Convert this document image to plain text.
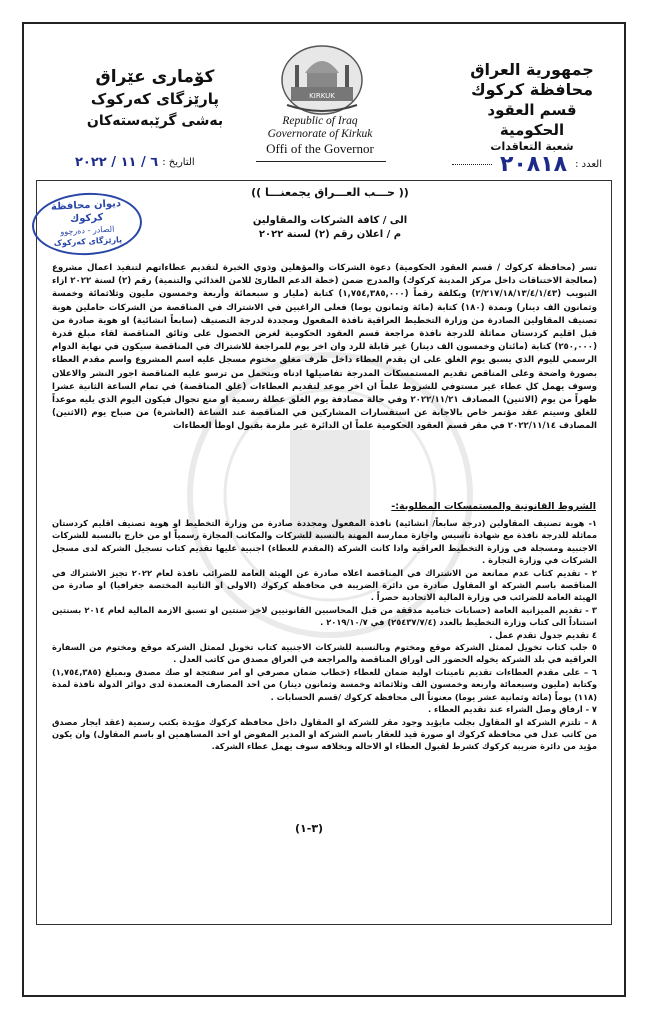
جمهورية العراق
محافظة كركوك
قسم العقود الحكومية
شعبة التعاقدات
كۆماری عێراق
پارێزگای کەرکوک
بەشی گرێبەستەکان
KIRKUK
Republic of Iraq
Governorate of Kirkuk
Offi of the Governor
العدد :
٢٠٨١٨
التاريخ :
٦ / ١١ / ٢٠٢٢
ديوان محافظة كركوك
الصادر - دەرچوو
پارێزگای کەرکوک
(( حـــب العـــراق يجمعنـــا ))
الى / كافة الشركات والمقاولين
م / اعلان رقم (٢) لسنة ٢٠٢٢
تسر (محافظة كركوك / قسم العقود الحكومية) دعوة الشركات والمؤهلين وذوي الخبرة لتقديم عطاءاتهم لتنفيذ اعمال مشروع (معالجة الاختناقات داخل مركز المدينة كركوك) والمدرج ضمن (خطة الدعم الطارئ للامن الغذائي والتنمية) رقم (٢) لسنة ٢٠٢٢ ازاء التبويب (٢/٢١٧/١٨/١٣/٤/١/٤٣) وبكلفة رقماً (١,٧٥٤,٣٨٥,٠٠٠) كتابة (مليار و سبعمائة وأربعة وخمسون مليون وثلاثمائة وخمسة وثمانون الف دينار) وبمدة (١٨٠) كتابة (مائة وثمانون يوما) فعلى الراغبين في الاشتراك في المناقصة من الشركات حاملين هوية تصنيف المقاولين الصادرة من وزارة التخطيط العراقية نافذة المفعول ومجددة لدرجة التصنيف (سابعاً انشائية) او هوية صادرة من قبل اقليم كردستان مماثلة للدرجة نافذة مراجعة قسم العقود الحكومية لغرض الحصول على وثائق المناقصة لقاء مبلغ قدرة (٢٥٠,٠٠٠) كتابة (مائتان وخمسون الف دينار) غير قابلة للرد وان اخر يوم للمراجعة للاشتراك في المناقصة سيكون في نهاية الدوام الرسمي لليوم الذي يسبق يوم الغلق على ان يقدم العطاء داخل ظرف مغلق مختوم مسجل عليه اسم المشروع واسم مقدم العطاء بصورة واضحة وعلى المناقص تقديم المستمسكات المدرجة تفاصيلها ادناه ويتحمل من ترسو عليه المناقصة اجور النشر والاعلان وسوف يهمل كل عطاء غير مستوفي للشروط علماً ان اخر موعد لتقديم العطاءات (غلق المناقصة) في تمام الساعة الثانية عشرا ظهراً من يوم (الاثنين) المصادف ٢٠٢٢/١١/٢١ وفي حالة مصادفة يوم الغلق عطلة رسمية او منع تجوال فيكون اليوم الذي يليه موعداً للغلق وسيتم عقد مؤتمر خاص بالاجابة عن استفسارات المشاركين في المناقصة عند الساعة (العاشرة) من صباح يوم (الاثنين) المصادف ٢٠٢٢/١١/١٤ في مقر قسم العقود الحكومية علماً ان الدائرة غير ملزمة بقبول اوطأ العطاءات
الشروط القانونية والمستمسكات المطلوبة:-
١- هوية تصنيف المقاولين (درجة سابعاً/ انشائية) نافذة المفعول ومجددة صادرة من وزارة التخطيط او هوية تصنيف اقليم كردستان مماثلة للدرجة نافذة مع شهادة تاسيس واجازة ممارسة المهنة بالنسبة للشركات والمكاتب المجازة رسمياً او من خارج بالنسبة للشركات الاجنبية ومسجلة في وزارة التخطيط العراقية وادا كانت الشركة (المقدم للعطاء) اجنبية عليها تقديم كتاب تسجيل الشركة لدى مسجل الشركات في وزارة التجارة .
٢ - تقديم كتاب عدم ممانعة من الاشتراك في المناقصة اعلاه صادرة عن الهيئة العامة للضرائب نافذة لعام ٢٠٢٢ تجيز الاشتراك في المناقصة باسم الشركة او المقاول صادرة من دائرة الضريبة في محافظة كركوك (الاولى او الثانية المختصة جغرافيا) او صادرة من الهيئة العامة للضرائب في وزارة المالية الاتحادية حصراً .
٣ - تقديم الميزانية العامة (حسابات ختامية مدققة من قبل المحاسبين القانونيين لاخر سنتين او تسبق الازمة المالية لعام ٢٠١٤ بسنتين استناداً الى كتاب وزارة التخطيط بالعدد (٢٥٤٣٧/٧/٤) في ٢٠١٩/١٠/٧ .
٤ تقديم جدول تقدم عمل .
٥ جلب كتاب تخويل لممثل الشركة موقع ومختوم وبالنسبة للشركات الاجنبية كتاب تخويل لممثل الشركة موقع ومختوم من السفارة العراقية في بلد الشركة يخوله الحضور الى اوراق المناقصة والمراجعة في العراق مصدق من كاتب العدل .
٦ – على مقدم العطاءات تقديم تامينات اولية ضمان للعطاء (خطاب ضمان مصرفي او امر سفتجة او صك مصدق وبمبلغ (١,٧٥٤,٣٨٥) وكتابة (مليون وسبعمائة واربعة وخمسون الف وثلاثمائة وخمسة وثمانون دينار) من احد المصارف المعتمدة لدى دوائر الدولة نافذة لمدة (١١٨) يوماً (مائة وثمانية عشر يوما) معنوناً الى محافظة كركوك /قسم الحسابات .
٧ - ارفاق وصل الشراء عند تقديم العطاء .
٨ – تلتزم الشركة او المقاول بجلب مايؤيد وجود مقر للشركة او المقاول داخل محافظة كركوك مؤيدة بكتب رسمية (عقد ايجار مصدق من كاتب عدل في محافظة كركوك او صورة قيد للعقار باسم الشركة او المدير المفوض او احد المساهمين او باسم المقاول) وان يكون مؤيد من دائرة ضريبة كركوك كشرط لقبول العطاء او الاحاله وبخلافه سوف يهمل عطاء الشركة.
(٣-١)
